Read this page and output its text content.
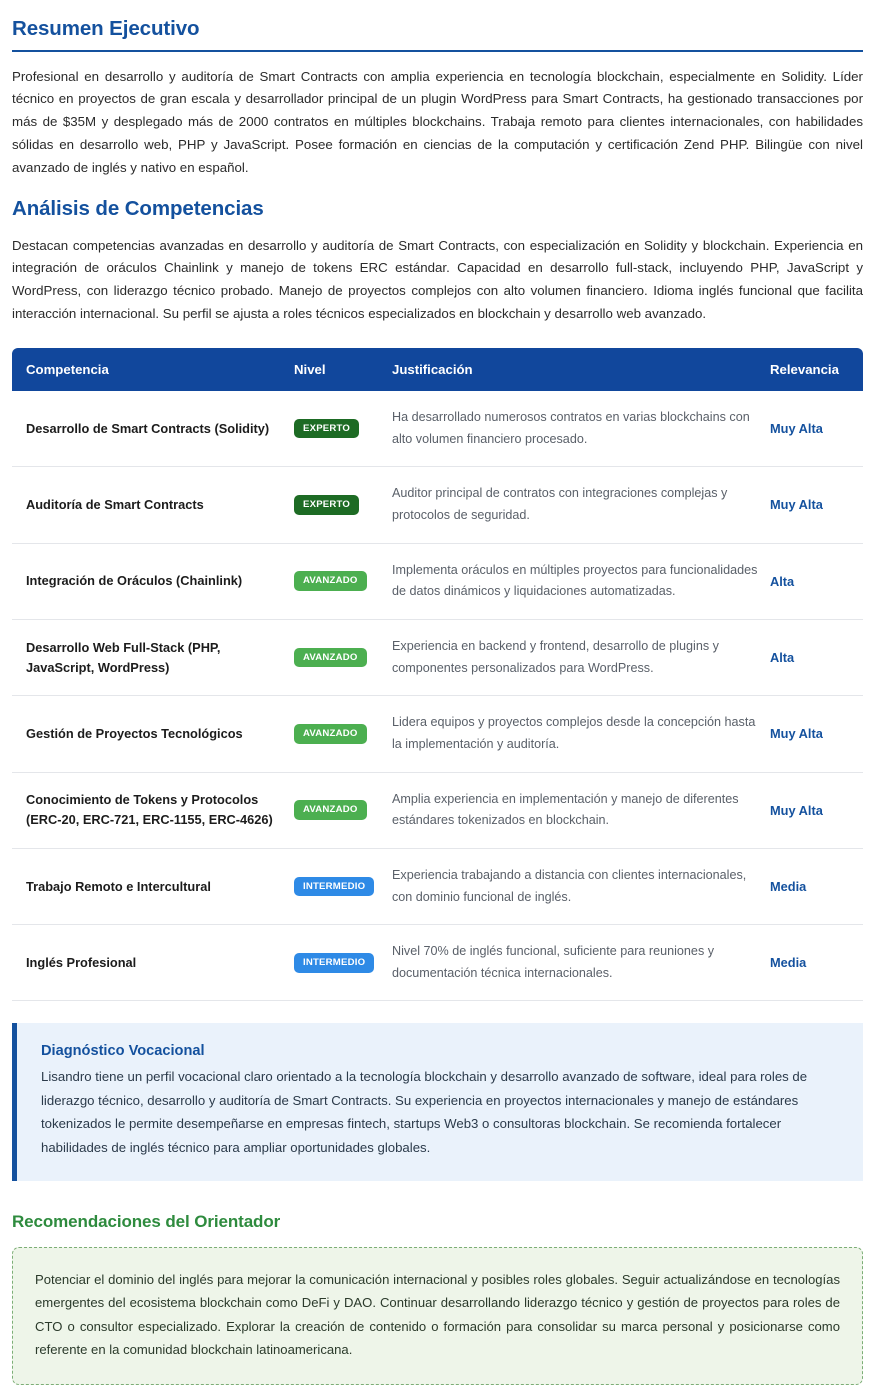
Resumen Ejecutivo

Profesional en desarrollo y auditoría de Smart Contracts con amplia experiencia en tecnología blockchain, especialmente en Solidity. Líder técnico en proyectos de gran escala y desarrollador principal de un plugin WordPress para Smart Contracts, ha gestionado transacciones por más de $35M y desplegado más de 2000 contratos en múltiples blockchains. Trabaja remoto para clientes internacionales, con habilidades sólidas en desarrollo web, PHP y JavaScript. Posee formación en ciencias de la computación y certificación Zend PHP. Bilingüe con nivel avanzado de inglés y nativo en español.

Análisis de Competencias

Destacan competencias avanzadas en desarrollo y auditoría de Smart Contracts, con especialización en Solidity y blockchain. Experiencia en integración de oráculos Chainlink y manejo de tokens ERC estándar. Capacidad en desarrollo full-stack, incluyendo PHP, JavaScript y WordPress, con liderazgo técnico probado. Manejo de proyectos complejos con alto volumen financiero. Idioma inglés funcional que facilita interacción internacional. Su perfil se ajusta a roles técnicos especializados en blockchain y desarrollo web avanzado.

Competencia	Nivel	Justificación	Relevancia
Desarrollo de Smart Contracts (Solidity)	EXPERTO	Ha desarrollado numerosos contratos en varias blockchains con alto volumen financiero procesado.	Muy Alta
Auditoría de Smart Contracts	EXPERTO	Auditor principal de contratos con integraciones complejas y protocolos de seguridad.	Muy Alta
Integración de Oráculos (Chainlink)	AVANZADO	Implementa oráculos en múltiples proyectos para funcionalidades de datos dinámicos y liquidaciones automatizadas.	Alta
Desarrollo Web Full-Stack (PHP, JavaScript, WordPress)	AVANZADO	Experiencia en backend y frontend, desarrollo de plugins y componentes personalizados para WordPress.	Alta
Gestión de Proyectos Tecnológicos	AVANZADO	Lidera equipos y proyectos complejos desde la concepción hasta la implementación y auditoría.	Muy Alta
Conocimiento de Tokens y Protocolos (ERC-20, ERC-721, ERC-1155, ERC-4626)	AVANZADO	Amplia experiencia en implementación y manejo de diferentes estándares tokenizados en blockchain.	Muy Alta
Trabajo Remoto e Intercultural	INTERMEDIO	Experiencia trabajando a distancia con clientes internacionales, con dominio funcional de inglés.	Media
Inglés Profesional	INTERMEDIO	Nivel 70% de inglés funcional, suficiente para reuniones y documentación técnica internacionales.	Media

Diagnóstico Vocacional

Lisandro tiene un perfil vocacional claro orientado a la tecnología blockchain y desarrollo avanzado de software, ideal para roles de liderazgo técnico, desarrollo y auditoría de Smart Contracts. Su experiencia en proyectos internacionales y manejo de estándares tokenizados le permite desempeñarse en empresas fintech, startups Web3 o consultoras blockchain. Se recomienda fortalecer habilidades de inglés técnico para ampliar oportunidades globales.

Recomendaciones del Orientador

Potenciar el dominio del inglés para mejorar la comunicación internacional y posibles roles globales. Seguir actualizándose en tecnologías emergentes del ecosistema blockchain como DeFi y DAO. Continuar desarrollando liderazgo técnico y gestión de proyectos para roles de CTO o consultor especializado. Explorar la creación de contenido o formación para consolidar su marca personal y posicionarse como referente en la comunidad blockchain latinoamericana.
